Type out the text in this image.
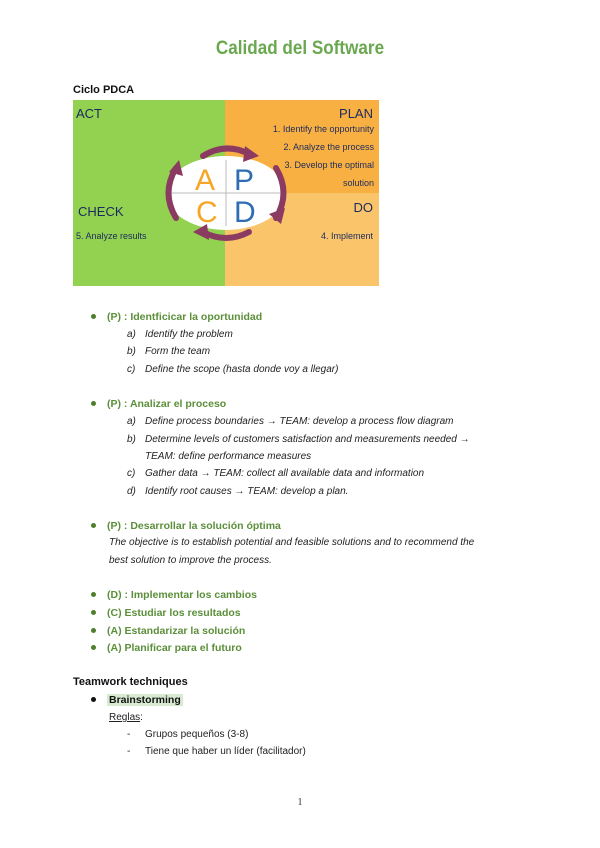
Calidad del Software
Ciclo PDCA
A P
C D
ACT	PLAN
1. Identify the opportunity
2. Analyze the process
3. Develop the optimal
solution
CHECK
5. Analyze results
DO
4. Implement
(P) : Identficicar la oportunidad
a) Identify the problem
b) Form the team
c) Define the scope (hasta donde voy a llegar)
(P) : Analizar el proceso
a) Define process boundaries → TEAM: develop a process flow diagram
b) Determine levels of customers satisfaction and measurements needed →
TEAM: define performance measures
c) Gather data → TEAM: collect all available data and information
d) Identify root causes → TEAM: develop a plan.
(P) : Desarrollar la solución óptima
The objective is to establish potential and feasible solutions and to recommend the
best solution to improve the process.
(D) : Implementar los cambios
(C) Estudiar los resultados
(A) Estandarizar la solución
(A) Planificar para el futuro
Teamwork techniques
Brainstorming
Reglas:
- Grupos pequeños (3-8)
- Tiene que haber un líder (facilitador)
1
